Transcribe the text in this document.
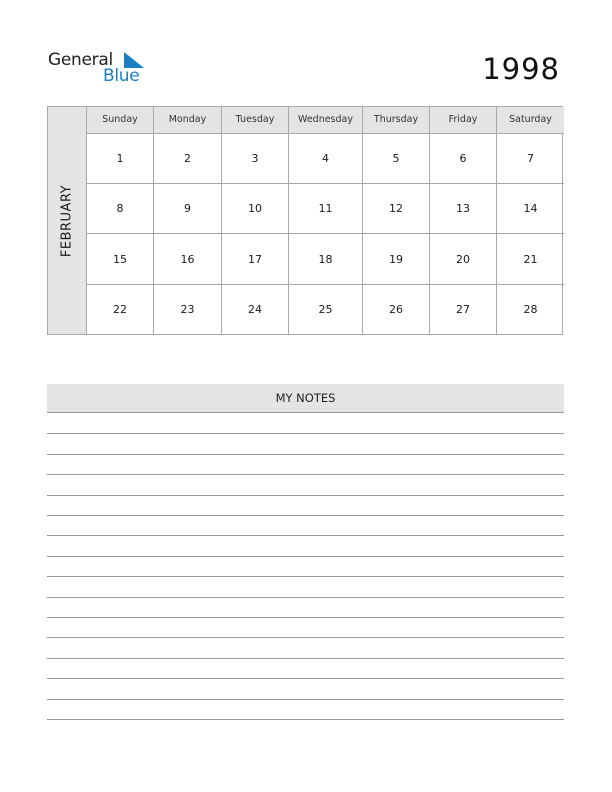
General
Blue	1998
FEBRUARY
Sunday	Monday	Tuesday	Wednesday	Thursday	Friday	Saturday
1	2	3	4	5	6	7
8	9	10	11	12	13	14
15	16	17	18	19	20	21
22	23	24	25	26	27	28
MY NOTES
